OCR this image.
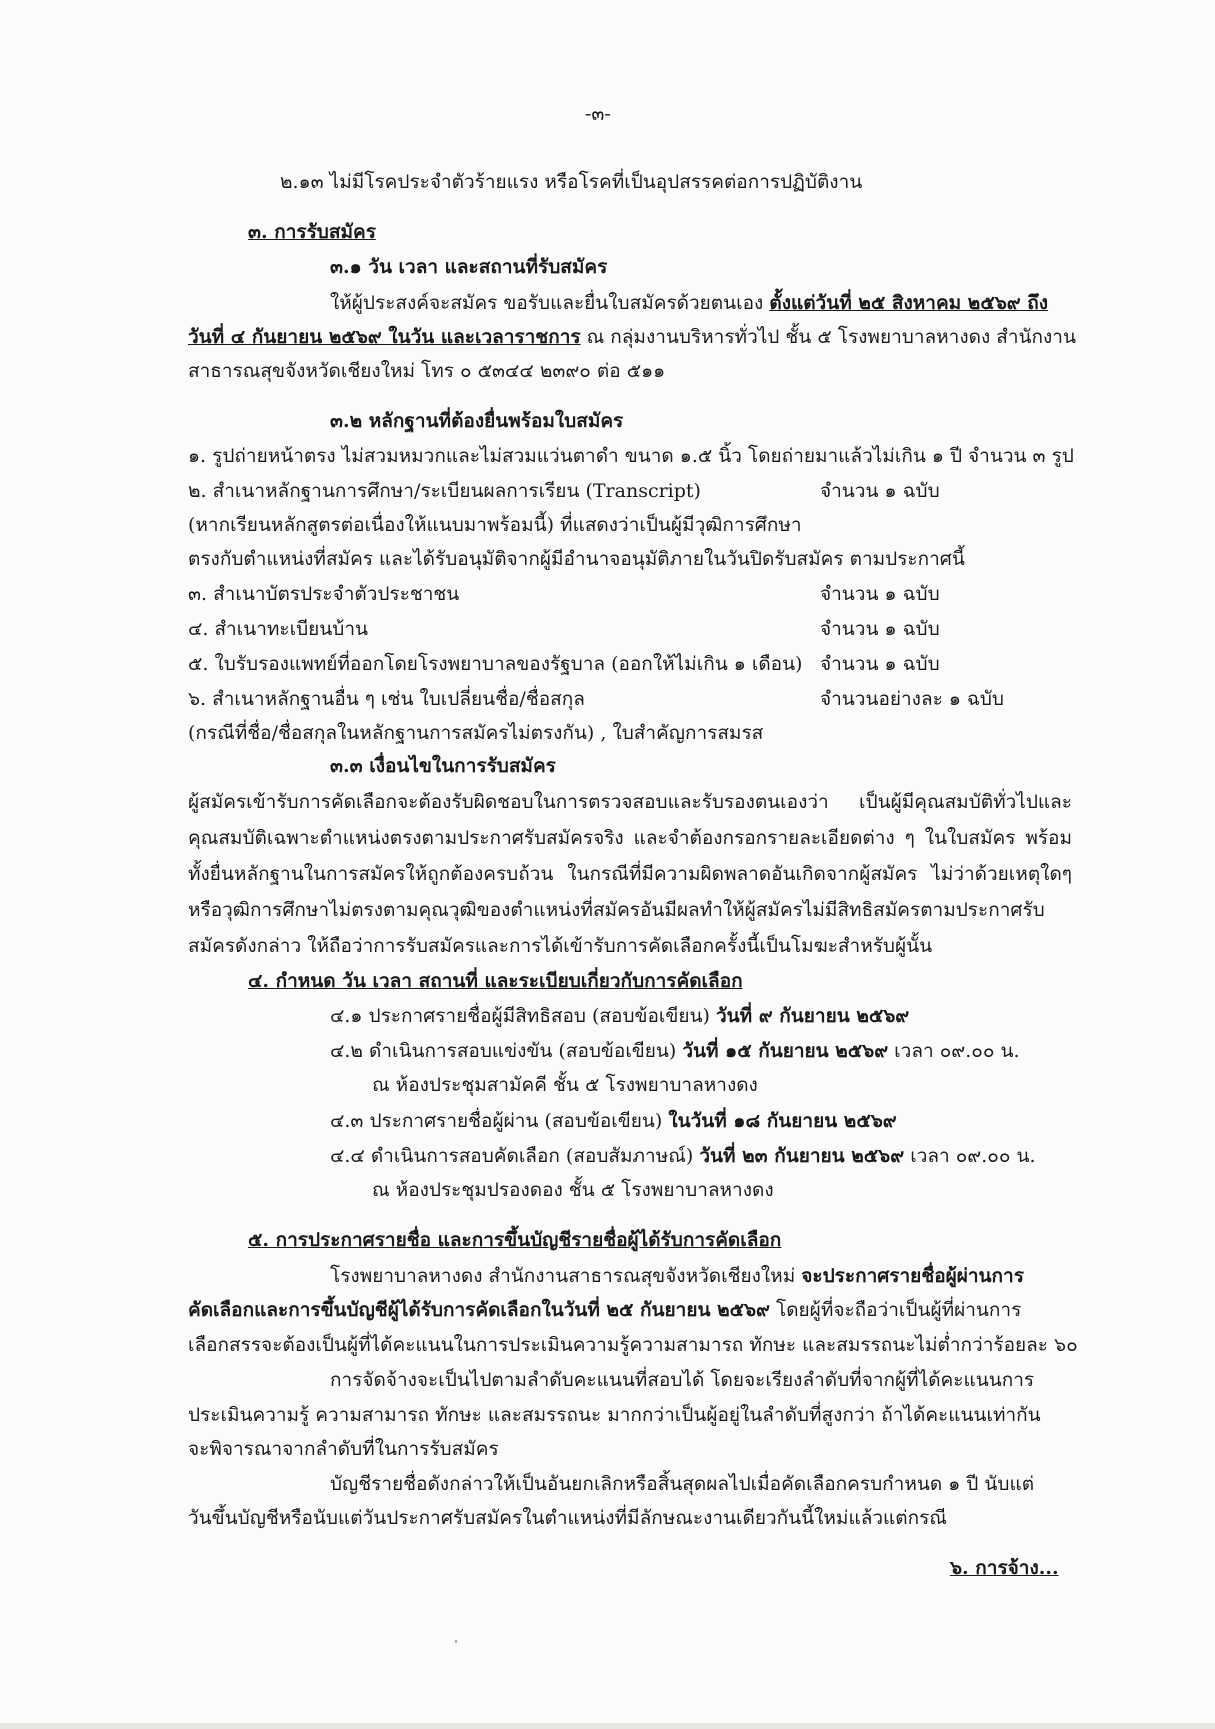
-๓-
๒.๑๓ ไม่มีโรคประจำตัวร้ายแรง หรือโรคที่เป็นอุปสรรคต่อการปฏิบัติงาน
๓. การรับสมัคร
๓.๑ วัน เวลา และสถานที่รับสมัคร
ให้ผู้ประสงค์จะสมัคร ขอรับและยื่นใบสมัครด้วยตนเอง ตั้งแต่วันที่ ๒๕ สิงหาคม ๒๕๖๙ ถึง
วันที่ ๔ กันยายน ๒๕๖๙ ในวัน และเวลาราชการ ณ กลุ่มงานบริหารทั่วไป ชั้น ๕ โรงพยาบาลหางดง สำนักงาน
สาธารณสุขจังหวัดเชียงใหม่ โทร ๐ ๕๓๔๔ ๒๓๙๐ ต่อ ๕๑๑
๓.๒ หลักฐานที่ต้องยื่นพร้อมใบสมัคร
๑. รูปถ่ายหน้าตรง ไม่สวมหมวกและไม่สวมแว่นตาดำ ขนาด ๑.๕ นิ้ว โดยถ่ายมาแล้วไม่เกิน ๑ ปี จำนวน ๓ รูป
๒. สำเนาหลักฐานการศึกษา/ระเบียนผลการเรียน (Transcript)	จำนวน ๑ ฉบับ
(หากเรียนหลักสูตรต่อเนื่องให้แนบมาพร้อมนี้) ที่แสดงว่าเป็นผู้มีวุฒิการศึกษา
ตรงกับตำแหน่งที่สมัคร และได้รับอนุมัติจากผู้มีอำนาจอนุมัติภายในวันปิดรับสมัคร ตามประกาศนี้
๓. สำเนาบัตรประจำตัวประชาชน	จำนวน ๑ ฉบับ
๔. สำเนาทะเบียนบ้าน	จำนวน ๑ ฉบับ
๕. ใบรับรองแพทย์ที่ออกโดยโรงพยาบาลของรัฐบาล (ออกให้ไม่เกิน ๑ เดือน) จำนวน ๑ ฉบับ
๖. สำเนาหลักฐานอื่น ๆ เช่น ใบเปลี่ยนชื่อ/ชื่อสกุล	จำนวนอย่างละ ๑ ฉบับ
(กรณีที่ชื่อ/ชื่อสกุลในหลักฐานการสมัครไม่ตรงกัน) , ใบสำคัญการสมรส
๓.๓ เงื่อนไขในการรับสมัคร
ผู้สมัครเข้ารับการคัดเลือกจะต้องรับผิดชอบในการตรวจสอบและรับรองตนเองว่า เป็นผู้มีคุณสมบัติทั่วไปและคุณสมบัติเฉพาะตำแหน่งตรงตามประกาศรับสมัครจริง และจำต้องกรอกรายละเอียดต่าง ๆ ในใบสมัคร พร้อมทั้งยื่นหลักฐานในการสมัครให้ถูกต้องครบถ้วน ในกรณีที่มีความผิดพลาดอันเกิดจากผู้สมัคร ไม่ว่าด้วยเหตุใดๆ หรือวุฒิการศึกษาไม่ตรงตามคุณวุฒิของตำแหน่งที่สมัครอันมีผลทำให้ผู้สมัครไม่มีสิทธิสมัครตามประกาศรับสมัครดังกล่าว ให้ถือว่าการรับสมัครและการได้เข้ารับการคัดเลือกครั้งนี้เป็นโมฆะสำหรับผู้นั้น
๔. กำหนด วัน เวลา สถานที่ และระเบียบเกี่ยวกับการคัดเลือก
๔.๑ ประกาศรายชื่อผู้มีสิทธิสอบ (สอบข้อเขียน) วันที่ ๙ กันยายน ๒๕๖๙
๔.๒ ดำเนินการสอบแข่งขัน (สอบข้อเขียน) วันที่ ๑๕ กันยายน ๒๕๖๙ เวลา ๐๙.๐๐ น.
ณ ห้องประชุมสามัคคี ชั้น ๕ โรงพยาบาลหางดง
๔.๓ ประกาศรายชื่อผู้ผ่าน (สอบข้อเขียน) ในวันที่ ๑๘ กันยายน ๒๕๖๙
๔.๔ ดำเนินการสอบคัดเลือก (สอบสัมภาษณ์) วันที่ ๒๓ กันยายน ๒๕๖๙ เวลา ๐๙.๐๐ น.
ณ ห้องประชุมปรองดอง ชั้น ๕ โรงพยาบาลหางดง
๕. การประกาศรายชื่อ และการขึ้นบัญชีรายชื่อผู้ได้รับการคัดเลือก
โรงพยาบาลหางดง สำนักงานสาธารณสุขจังหวัดเชียงใหม่ จะประกาศรายชื่อผู้ผ่านการ
คัดเลือกและการขึ้นบัญชีผู้ได้รับการคัดเลือกในวันที่ ๒๕ กันยายน ๒๕๖๙ โดยผู้ที่จะถือว่าเป็นผู้ที่ผ่านการ
เลือกสรรจะต้องเป็นผู้ที่ได้คะแนนในการประเมินความรู้ความสามารถ ทักษะ และสมรรถนะไม่ต่ำกว่าร้อยละ ๖๐
การจัดจ้างจะเป็นไปตามลำดับคะแนนที่สอบได้ โดยจะเรียงลำดับที่จากผู้ที่ได้คะแนนการ
ประเมินความรู้ ความสามารถ ทักษะ และสมรรถนะ มากกว่าเป็นผู้อยู่ในลำดับที่สูงกว่า ถ้าได้คะแนนเท่ากัน
จะพิจารณาจากลำดับที่ในการรับสมัคร
บัญชีรายชื่อดังกล่าวให้เป็นอันยกเลิกหรือสิ้นสุดผลไปเมื่อคัดเลือกครบกำหนด ๑ ปี นับแต่
วันขึ้นบัญชีหรือนับแต่วันประกาศรับสมัครในตำแหน่งที่มีลักษณะงานเดียวกันนี้ใหม่แล้วแต่กรณี
๖. การจ้าง...
